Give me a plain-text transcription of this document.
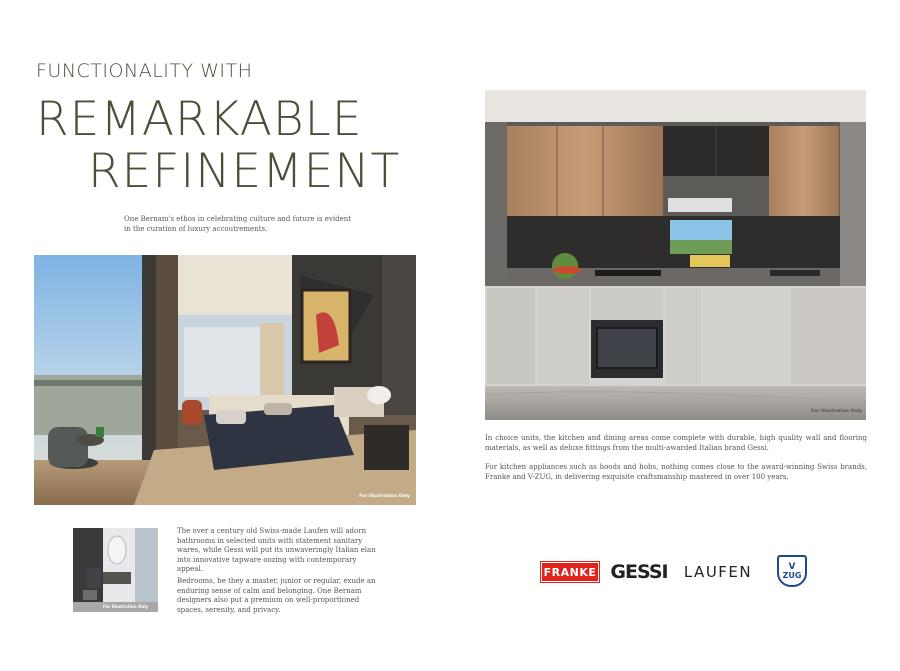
FUNCTIONALITY WITH
REMARKABLE
REFINEMENT

One Bernam's ethos in celebrating culture and future is evident in the curation of luxury accoutrements.

For Illustration Only
For Illustration Only
For Illustration Only

In choice units, the kitchen and dining areas come complete with durable, high quality wall and flooring materials, as well as deluxe fittings from the multi-awarded Italian brand Gessi.

For kitchen appliances such as hoods and hobs, nothing comes close to the award-winning Swiss brands, Franke and V-ZUG, in delivering exquisite craftsmanship mastered in over 100 years.

The over a century old Swiss-made Laufen will adorn bathrooms in selected units with statement sanitary wares, while Gessi will put its unwaveringly Italian elan into innovative tapware oozing with contemporary appeal.

Bedrooms, be they a master, junior or regular, exude an enduring sense of calm and belonging. One Bernam designers also put a premium on well-proportioned spaces, serenity, and privacy.

FRANKE GESSI LAUFEN	V
ZUG
